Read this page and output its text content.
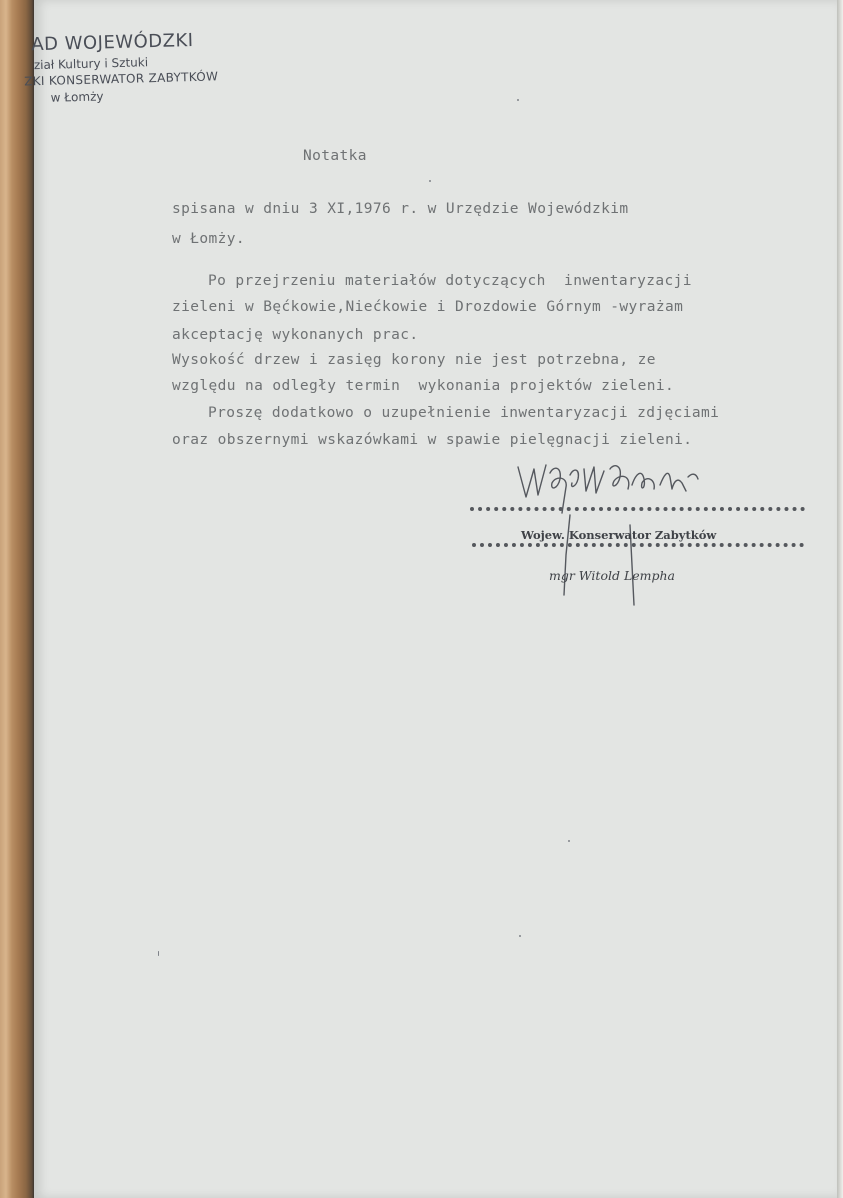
AD WOJEWÓDZKI
ział Kultury i Sztuki
ZKI KONSERWATOR ZABYTKÓW
w Łomży
Notatka
spisana w dniu 3 XI,1976 r. w Urzędzie Wojewódzkim
w Łomży.
Po przejrzeniu materiałów dotyczących  inwentaryzacji
zieleni w Bęćkowie,Niećkowie i Drozdowie Górnym -wyrażam
akceptację wykonanych prac.
Wysokość drzew i zasięg korony nie jest potrzebna, ze
względu na odległy termin  wykonania projektów zieleni.
Proszę dodatkowo o uzupełnienie inwentaryzacji zdjęciami
oraz obszernymi wskazówkami w spawie pielęgnacji zieleni.
Wojew. Konserwator Zabytków
mgr Witold Lempha
